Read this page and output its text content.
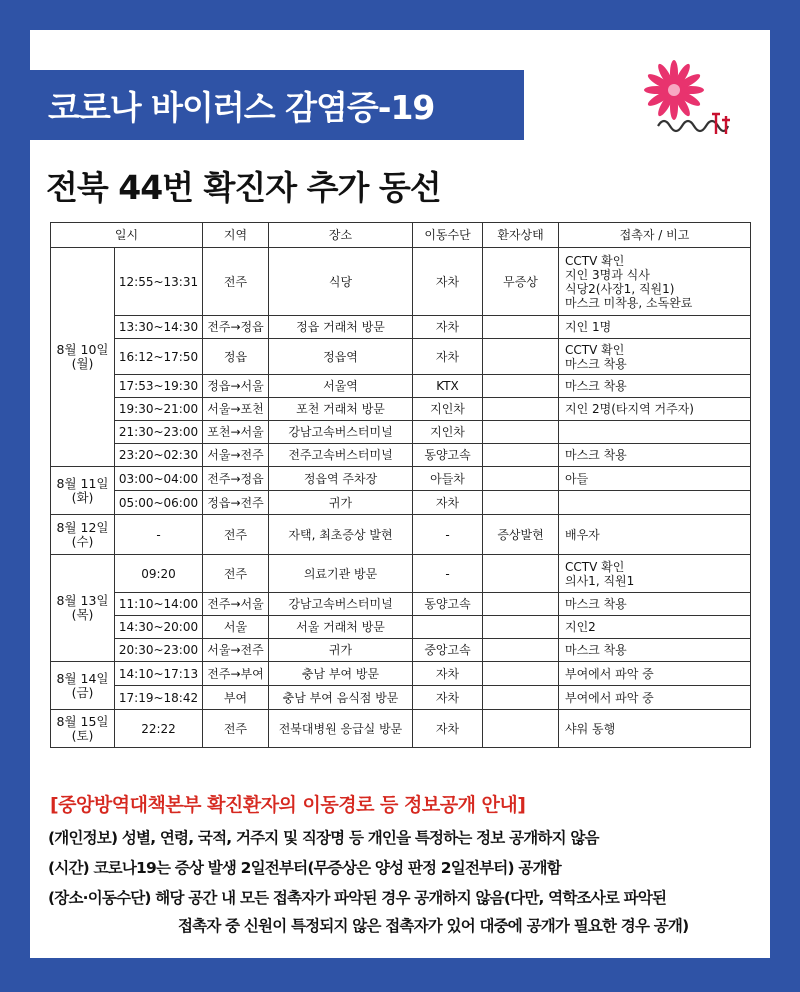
코로나 바이러스 감염증-19
전북 44번 확진자 추가 동선
일시		지역	장소	이동수단	환자상태	접촉자 / 비고
8월 10일
(월)	12:55~13:31	전주	식당	자차	무증상	CCTV 확인
지인 3명과 식사
식당2(사장1, 직원1)
마스크 미착용, 소독완료
	13:30~14:30	전주→정읍	정읍 거래처 방문	자차		지인 1명
	16:12~17:50	정읍	정읍역	자차		CCTV 확인
마스크 착용
	17:53~19:30	정읍→서울	서울역	KTX		마스크 착용
	19:30~21:00	서울→포천	포천 거래처 방문	지인차		지인 2명(타지역 거주자)
	21:30~23:00	포천→서울	강남고속버스터미널	지인차		
	23:20~02:30	서울→전주	전주고속버스터미널	동양고속		마스크 착용
8월 11일
(화)	03:00~04:00	전주→정읍	정읍역 주차장	아들차		아들
	05:00~06:00	정읍→전주	귀가	자차		
8월 12일
(수)	-	전주	자택, 최초증상 발현	-	증상발현	배우자
8월 13일
(목)	09:20	전주	의료기관 방문	-		CCTV 확인
의사1, 직원1
	11:10~14:00	전주→서울	강남고속버스터미널	동양고속		마스크 착용
	14:30~20:00	서울	서울 거래처 방문			지인2
	20:30~23:00	서울→전주	귀가	중앙고속		마스크 착용
8월 14일
(금)	14:10~17:13	전주→부여	충남 부여 방문	자차		부여에서 파악 중
	17:19~18:42	부여	충남 부여 음식점 방문	자차		부여에서 파악 중
8월 15일
(토)	22:22	전주	전북대병원 응급실 방문	자차		샤워 동행
[중앙방역대책본부 확진환자의 이동경로 등 정보공개 안내]
(개인정보) 성별, 연령, 국적, 거주지 및 직장명 등 개인을 특정하는 정보 공개하지 않음
(시간) 코로나19는 증상 발생 2일전부터(무증상은 양성 판정 2일전부터) 공개함
(장소·이동수단) 해당 공간 내 모든 접촉자가 파악된 경우 공개하지 않음(다만, 역학조사로 파악된
접촉자 중 신원이 특정되지 않은 접촉자가 있어 대중에 공개가 필요한 경우 공개)
